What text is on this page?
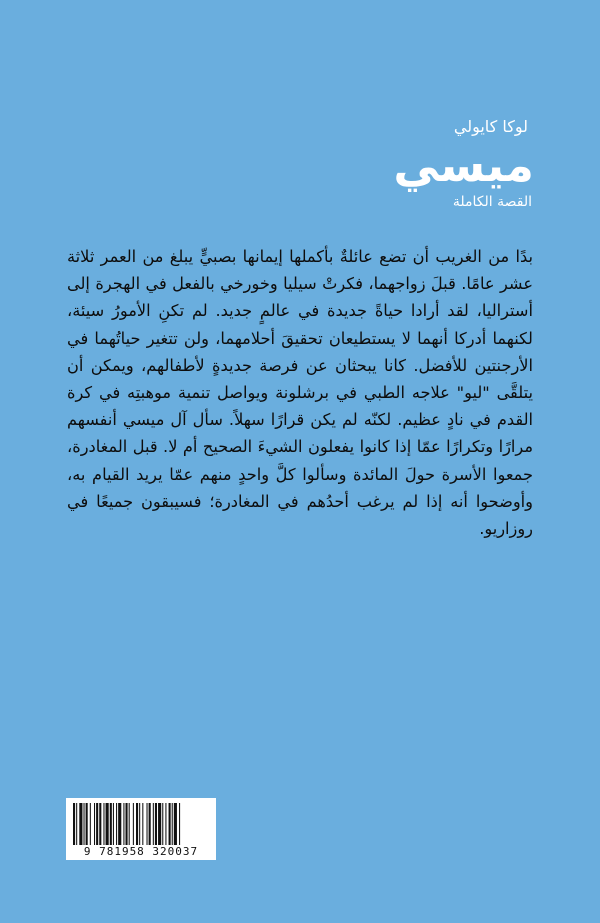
لوكا كايولي
ميسي
القصة الكاملة
بدًا من الغريب أن تضع عائلةٌ بأكملها إيمانها بصبيٍّ يبلغ من العمر ثلاثة عشر عامًا. قبلَ زواجهما، فكرتْ سيليا وخورخي بالفعل في الهجرة إلى أستراليا، لقد أرادا حياةً جديدة في عالمٍ جديد. لم تكنِ الأمورُ سيئة، لكنهما أدركا أنهما لا يستطيعان تحقيقَ أحلامهما، ولن تتغير حياتُهما في الأرجنتين للأفضل. كانا يبحثان عن فرصة جديدةٍ لأطفالهم، ويمكن أن يتلقَّى "ليو" علاجه الطبي في برشلونة ويواصل تنمية موهبتِه في كرة القدم في نادٍ عظيم. لكنّه لم يكن قرارًا سهلاً. سأل آل ميسي أنفسهم مرارًا وتكرارًا عمّا إذا كانوا يفعلون الشيءَ الصحيح أم لا. قبل المغادرة، جمعوا الأسرة حولَ المائدة وسألوا كلَّ واحدٍ منهم عمّا يريد القيام به، وأوضحوا أنه إذا لم يرغب أحدُهم في المغادرة؛ فسيبقون جميعًا في روزاريو.
9 781958 320037
